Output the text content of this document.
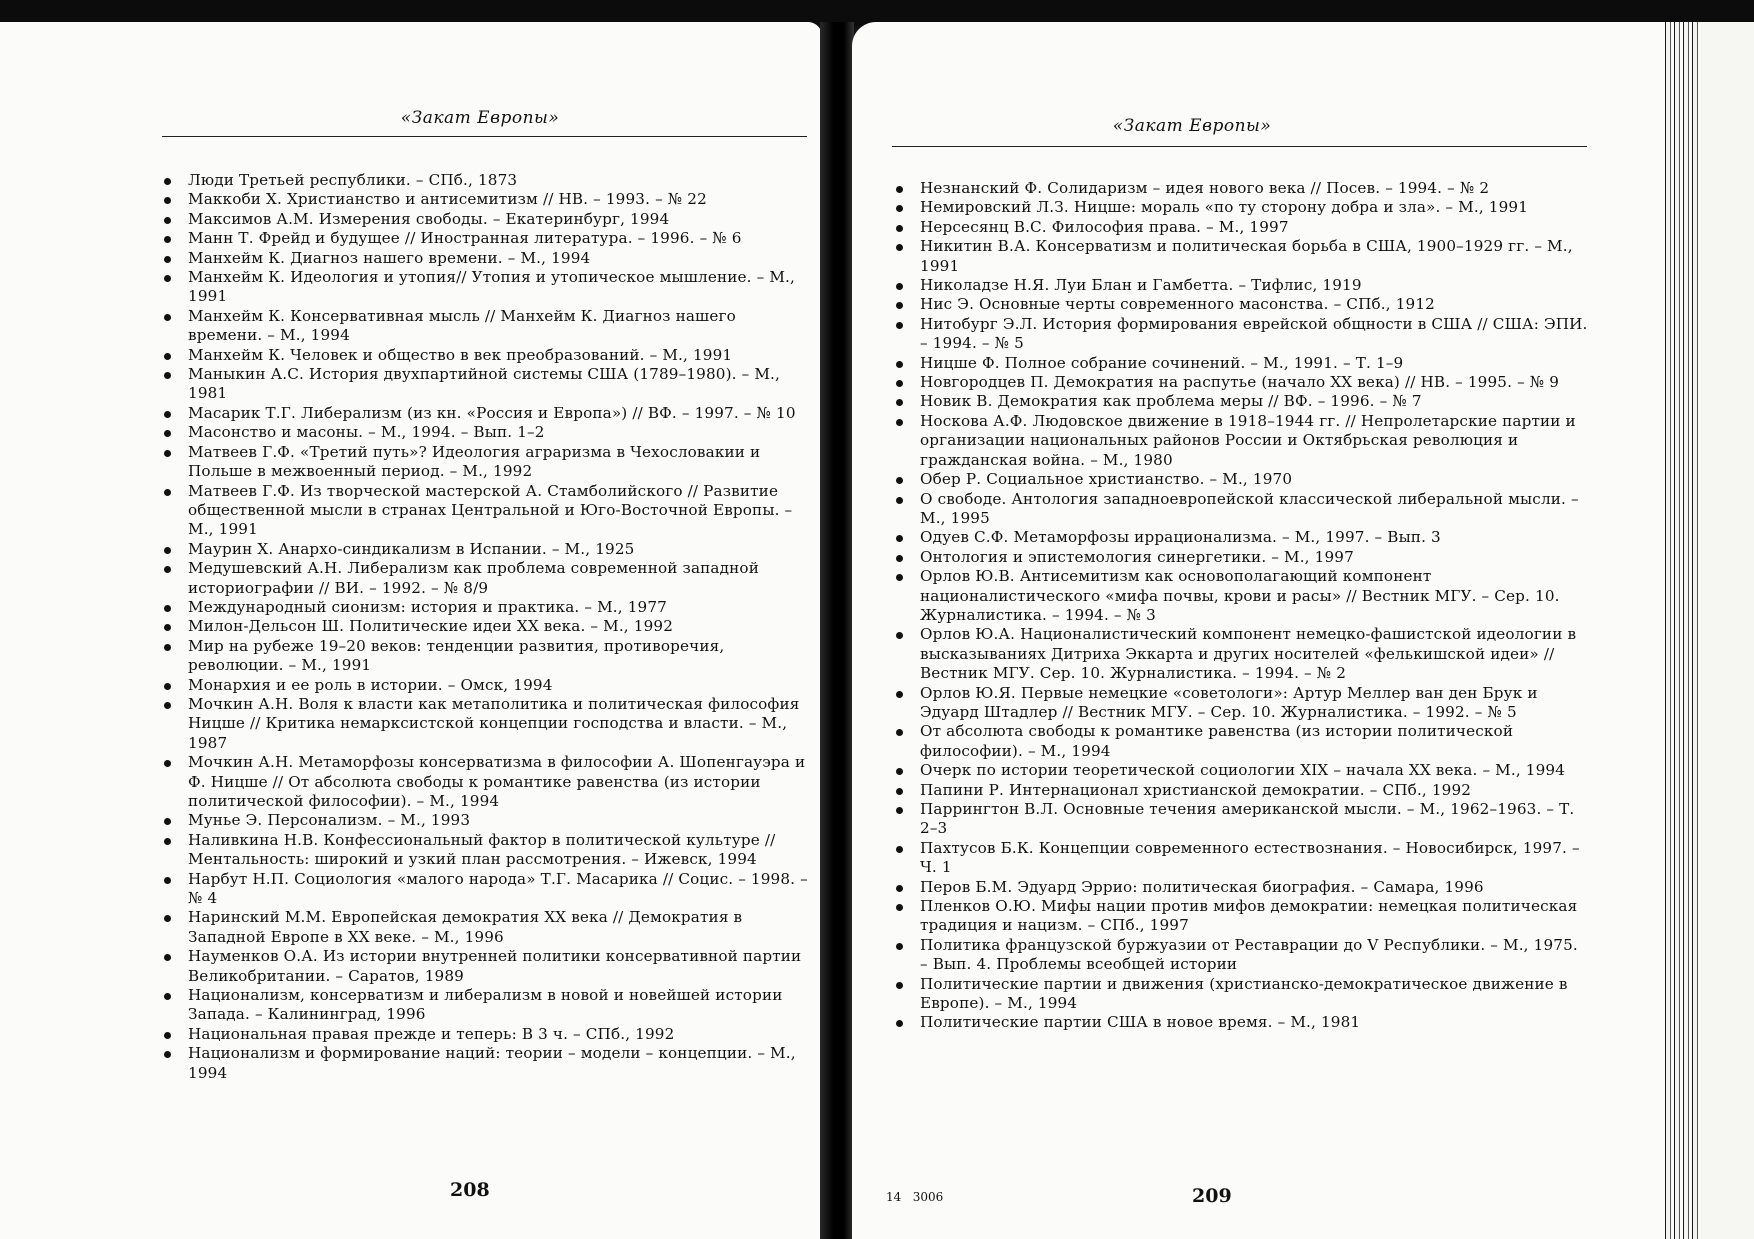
«Закат Европы»
Люди Третьей республики. – СПб., 1873
Маккоби X. Христианство и антисемитизм // НВ. – 1993. – № 22
Максимов А.М. Измерения свободы. – Екатеринбург, 1994
Манн Т. Фрейд и будущее // Иностранная литература. – 1996. – № 6
Манхейм К. Диагноз нашего времени. – М., 1994
Манхейм К. Идеология и утопия// Утопия и утопическое мышление. – М., 1991
Манхейм К. Консервативная мысль // Манхейм К. Диагноз нашего времени. – М., 1994
Манхейм К. Человек и общество в век преобразований. – М., 1991
Маныкин А.С. История двухпартийной системы США (1789–1980). – М., 1981
Масарик Т.Г. Либерализм (из кн. «Россия и Европа») // ВФ. – 1997. – № 10
Масонство и масоны. – М., 1994. – Вып. 1–2
Матвеев Г.Ф. «Третий путь»? Идеология аграризма в Чехословакии и Польше в межвоенный период. – М., 1992
Матвеев Г.Ф. Из творческой мастерской А. Стамболийского // Развитие общественной мысли в странах Центральной и Юго-Восточной Европы. – М., 1991
Маурин X. Анархо-синдикализм в Испании. – М., 1925
Медушевский А.Н. Либерализм как проблема современной западной историографии // ВИ. – 1992. – № 8/9
Международный сионизм: история и практика. – М., 1977
Милон-Дельсон Ш. Политические идеи XX века. – М., 1992
Мир на рубеже 19–20 веков: тенденции развития, противоречия, революции. – М., 1991
Монархия и ее роль в истории. – Омск, 1994
Мочкин А.Н. Воля к власти как метаполитика и политическая философия Ницше // Критика немарксистской концепции господства и власти. – М., 1987
Мочкин А.Н. Метаморфозы консерватизма в философии А. Шопенгауэра и Ф. Ницше // От абсолюта свободы к романтике равенства (из истории политической философии). – М., 1994
Мунье Э. Персонализм. – М., 1993
Наливкина Н.В. Конфессиональный фактор в политической культуре // Ментальность: широкий и узкий план рассмотрения. – Ижевск, 1994
Нарбут Н.П. Социология «малого народа» Т.Г. Масарика // Социс. – 1998. – № 4
Наринский М.М. Европейская демократия XX века // Демократия в Западной Европе в XX веке. – М., 1996
Науменков О.А. Из истории внутренней политики консервативной партии Великобритании. – Саратов, 1989
Национализм, консерватизм и либерализм в новой и новейшей истории Запада. – Калининград, 1996
Национальная правая прежде и теперь: В 3 ч. – СПб., 1992
Национализм и формирование наций: теории – модели – концепции. – М., 1994
208
«Закат Европы»
Незнанский Ф. Солидаризм – идея нового века // Посев. – 1994. – № 2
Немировский Л.З. Ницше: мораль «по ту сторону добра и зла». – М., 1991
Нерсесянц В.С. Философия права. – М., 1997
Никитин В.А. Консерватизм и политическая борьба в США, 1900–1929 гг. – М., 1991
Николадзе Н.Я. Луи Блан и Гамбетта. – Тифлис, 1919
Нис Э. Основные черты современного масонства. – СПб., 1912
Нитобург Э.Л. История формирования еврейской общности в США // США: ЭПИ. – 1994. – № 5
Ницше Ф. Полное собрание сочинений. – М., 1991. – Т. 1–9
Новгородцев П. Демократия на распутье (начало XX века) // НВ. – 1995. – № 9
Новик В. Демократия как проблема меры // ВФ. – 1996. – № 7
Носкова А.Ф. Людовское движение в 1918–1944 гг. // Непролетарские партии и организации национальных районов России и Октябрьская революция и гражданская война. – М., 1980
Обер Р. Социальное христианство. – М., 1970
О свободе. Антология западноевропейской классической либеральной мысли. – М., 1995
Одуев С.Ф. Метаморфозы иррационализма. – М., 1997. – Вып. 3
Онтология и эпистемология синергетики. – М., 1997
Орлов Ю.В. Антисемитизм как основополагающий компонент националистического «мифа почвы, крови и расы» // Вестник МГУ. – Сер. 10. Журналистика. – 1994. – № 3
Орлов Ю.А. Националистический компонент немецко-фашистской идеологии в высказываниях Дитриха Эккарта и других носителей «фелькишской идеи» // Вестник МГУ. Сер. 10. Журналистика. – 1994. – № 2
Орлов Ю.Я. Первые немецкие «советологи»: Артур Меллер ван ден Брук и Эдуард Штадлер // Вестник МГУ. – Сер. 10. Журналистика. – 1992. – № 5
От абсолюта свободы к романтике равенства (из истории политической философии). – М., 1994
Очерк по истории теоретической социологии XIX – начала XX века. – М., 1994
Папини Р. Интернационал христианской демократии. – СПб., 1992
Паррингтон В.Л. Основные течения американской мысли. – М., 1962–1963. – Т. 2–3
Пахтусов Б.К. Концепции современного естествознания. – Новосибирск, 1997. – Ч. 1
Перов Б.М. Эдуард Эррио: политическая биография. – Самара, 1996
Пленков О.Ю. Мифы нации против мифов демократии: немецкая политическая традиция и нацизм. – СПб., 1997
Политика французской буржуазии от Реставрации до V Республики. – М., 1975. – Вып. 4. Проблемы всеобщей истории
Политические партии и движения (христианско-демократическое движение в Европе). – М., 1994
Политические партии США в новое время. – М., 1981
14   3006	209
